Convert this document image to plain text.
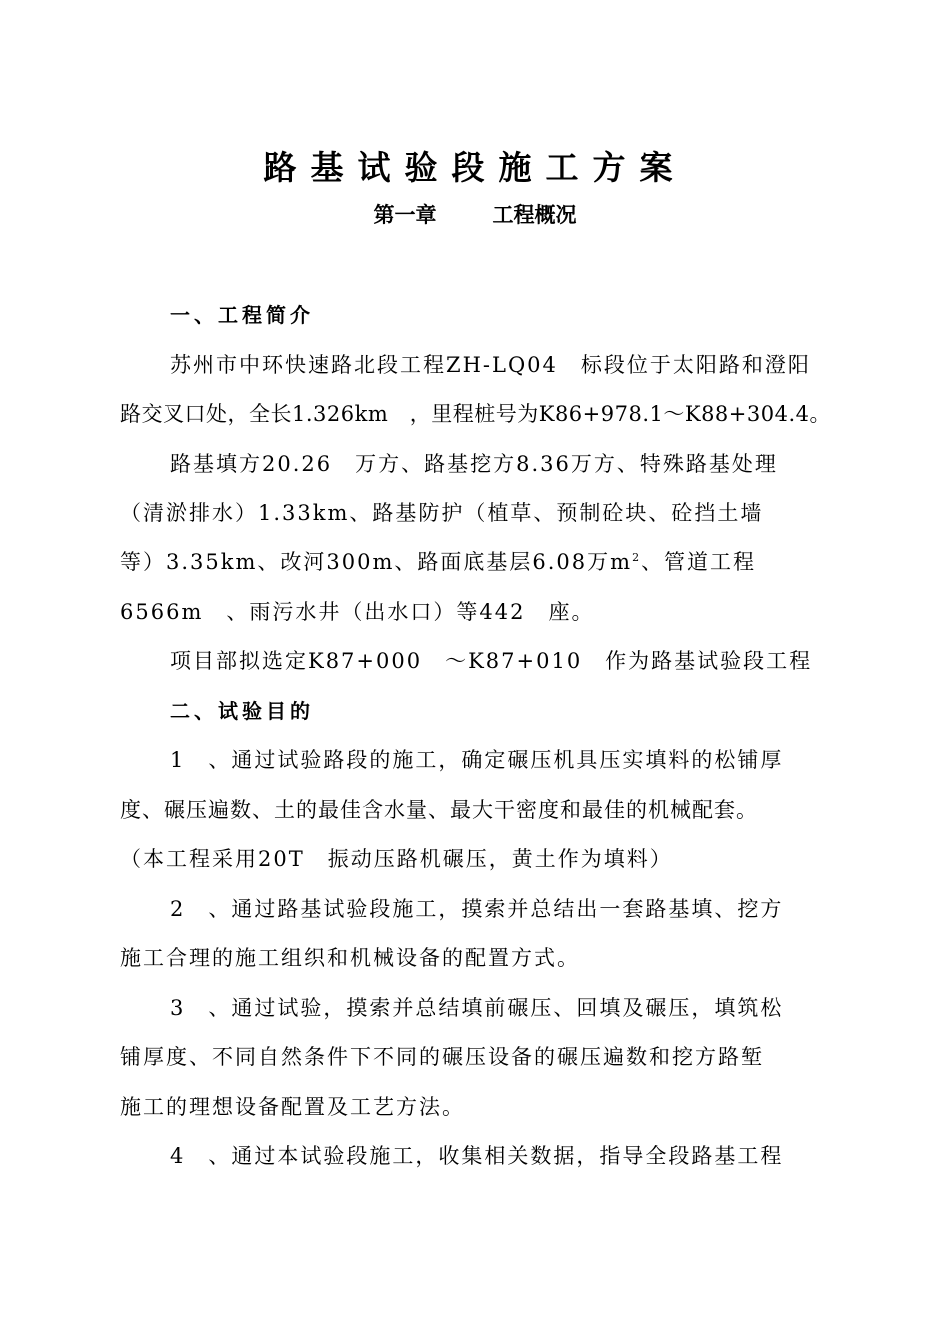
路基试验段施工方案
第一章	工程概况
一、工程简介
苏州市中环快速路北段工程ZH-LQ04　标段位于太阳路和澄阳
路交叉口处，全长1.326km　，里程桩号为K86+978.1～K88+304.4。
路基填方20.26　万方、路基挖方8.36万方、特殊路基处理
（清淤排水）1.33km、路基防护（植草、预制砼块、砼挡土墙
等）3.35km、改河300m、路面底基层6.08万$m^2$、管道工程
6566m　、雨污水井（出水口）等442　座。
项目部拟选定K87+000　～K87+010　作为路基试验段工程
二、试验目的
1　、通过试验路段的施工，确定碾压机具压实填料的松铺厚
度、碾压遍数、土的最佳含水量、最大干密度和最佳的机械配套。
（本工程采用20T　振动压路机碾压，黄土作为填料）
2　、通过路基试验段施工，摸索并总结出一套路基填、挖方
施工合理的施工组织和机械设备的配置方式。
3　、通过试验，摸索并总结填前碾压、回填及碾压，填筑松
铺厚度、不同自然条件下不同的碾压设备的碾压遍数和挖方路堑
施工的理想设备配置及工艺方法。
4　、通过本试验段施工，收集相关数据，指导全段路基工程
